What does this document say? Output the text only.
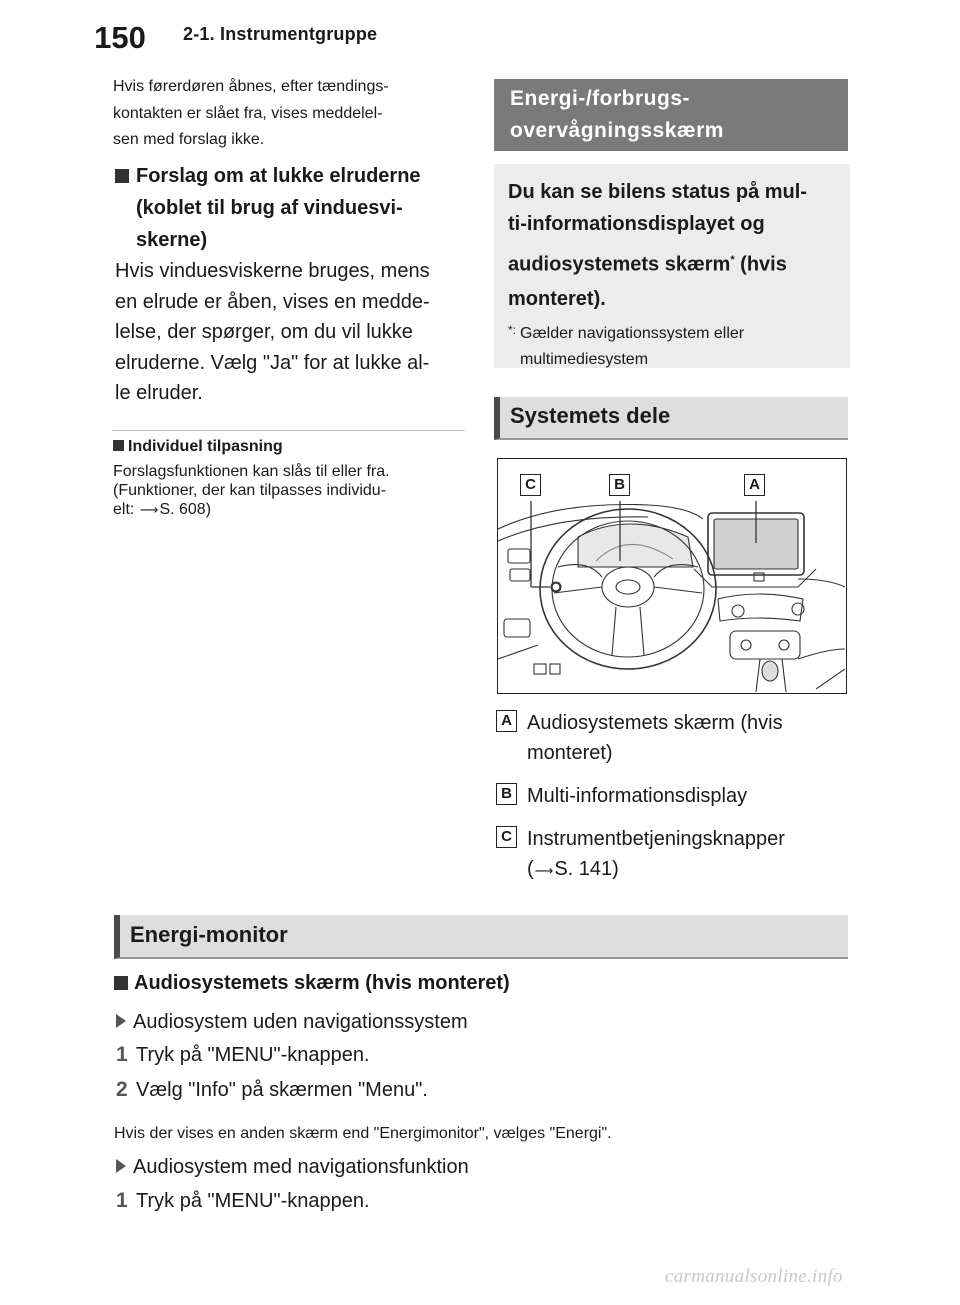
150	2-1. Instrumentgruppe
Hvis førerdøren åbnes, efter tændings-
kontakten er slået fra, vises meddelel-
sen med forslag ikke.
Forslag om at lukke elruderne
(koblet til brug af vinduesvi-
skerne)
Hvis vinduesviskerne bruges, mens
en elrude er åben, vises en medde-
lelse, der spørger, om du vil lukke
elruderne. Vælg "Ja" for at lukke al-
le elruder.
Individuel tilpasning
Forslagsfunktionen kan slås til eller fra.
(Funktioner, der kan tilpasses individu-
elt: ⟶S. 608)
Energi-/forbrugs-
overvågningsskærm
Du kan se bilens status på mul-
ti-informationsdisplayet og
audiosystemets skærm* (hvis
monteret).
*: Gælder navigationssystem eller
multimediesystem
Systemets dele
C	B	A
A Audiosystemets skærm (hvis
monteret)
B Multi-informationsdisplay
C Instrumentbetjeningsknapper
(⟶S. 141)
Energi-monitor
Audiosystemets skærm (hvis monteret)
Audiosystem uden navigationssystem
1 Tryk på "MENU"-knappen.
2 Vælg "Info" på skærmen "Menu".
Hvis der vises en anden skærm end "Energimonitor", vælges "Energi".
Audiosystem med navigationsfunktion
1 Tryk på "MENU"-knappen.
carmanualsonline.info
